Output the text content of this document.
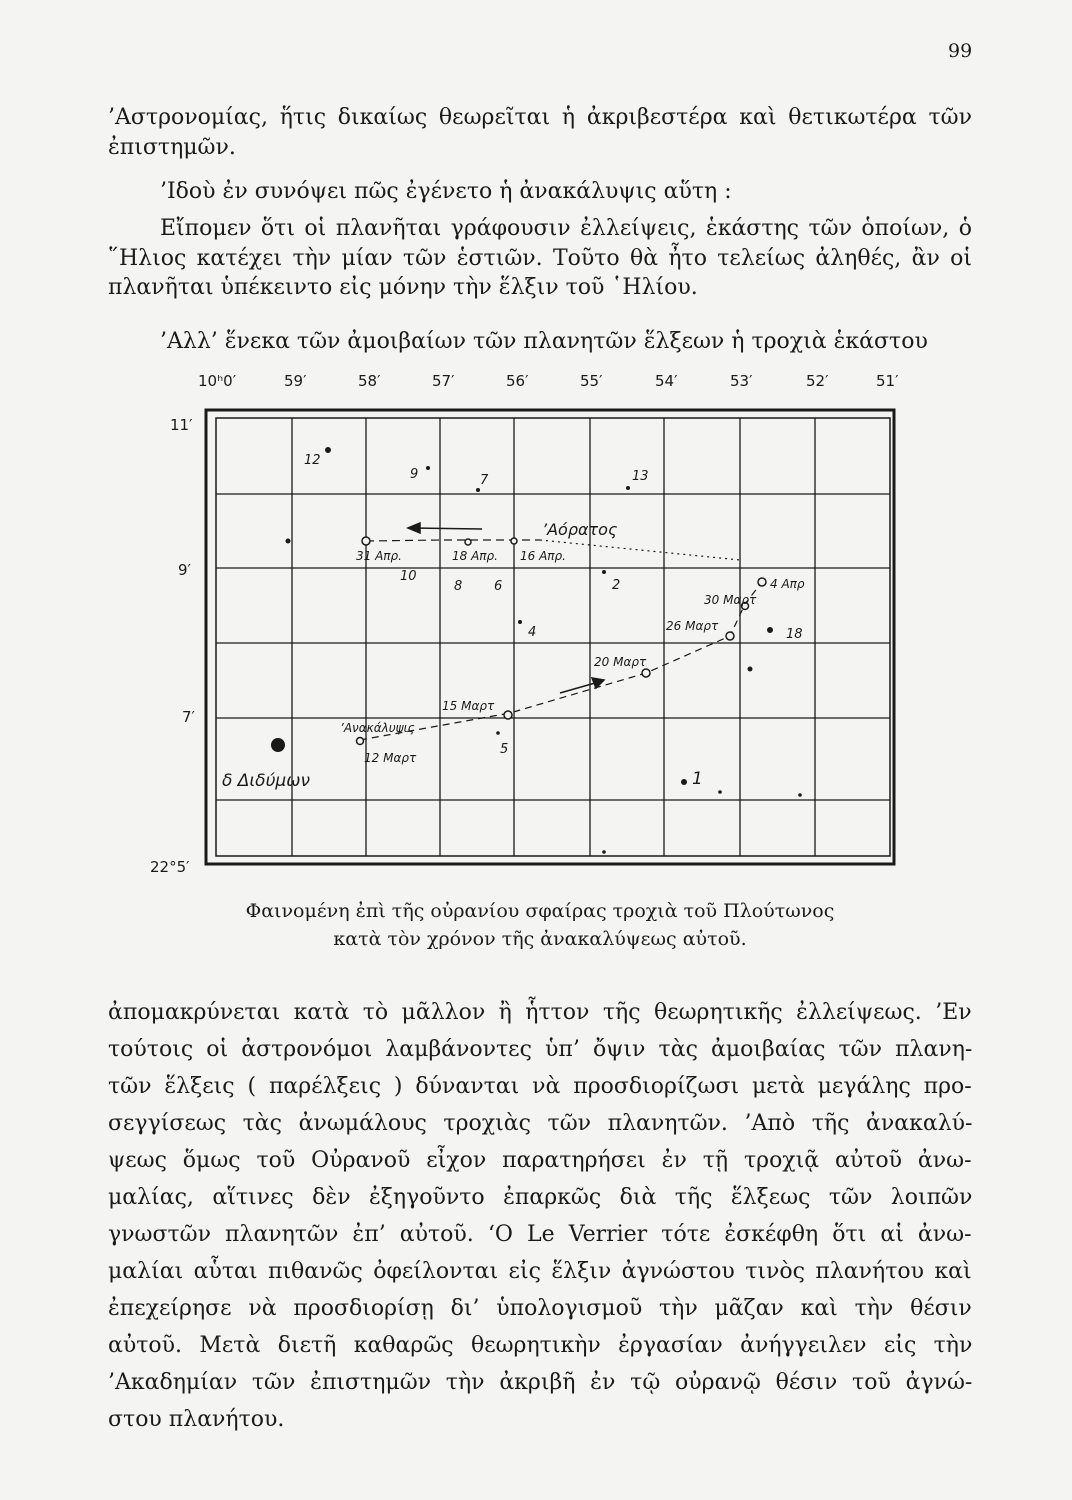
99

’Αστρονομίας, ἥτις δικαίως θεωρεῖται ἡ ἀκριβεστέρα καὶ θετικωτέρα τῶν ἐπιστημῶν.

’Ιδοὺ ἐν συνόψει πῶς ἐγένετο ἡ ἀνακάλυψις αὕτη :

Εἴπομεν ὅτι οἱ πλανῆται γράφουσιν ἐλλείψεις, ἑκάστης τῶν ὁποίων, ὁ ῞Ηλιος κατέχει τὴν μίαν τῶν ἑστιῶν. Τοῦτο θὰ ἦτο τελείως ἀληθές, ἂν οἱ πλανῆται ὑπέκειντο εἰς μόνην τὴν ἕλξιν τοῦ ῾Ηλίου.

’Αλλ’ ἕνεκα τῶν ἀμοιβαίων τῶν πλανητῶν ἕλξεων ἡ τροχιὰ ἑκάστου

10ʰ0′	59′	58′	57′	56′	55′	54′	53′	52′	51′
11′
9′
7′
22°5′
12
9	7	13
10
8 6	2
4	18
5
1
’Αόρατος
31 Απρ.	18 Απρ. 16 Απρ.
4 Απρ
30 Μαρτ
26 Μαρτ
20 Μαρτ
15 Μαρτ
12 Μαρτ
’Ανακάλυψις
δ Διδύμων

Φαινομένη ἐπὶ τῆς οὐρανίου σφαίρας τροχιὰ τοῦ Πλούτωνος

κατὰ τὸν χρόνον τῆς ἀνακαλύψεως αὐτοῦ.

ἀπομακρύνεται κατὰ τὸ μᾶλλον ἢ ἧττον τῆς θεωρητικῆς ἐλλείψεως. ’Εν

τούτοις οἱ ἀστρονόμοι λαμβάνοντες ὑπ’ ὄψιν τὰς ἀμοιβαίας τῶν πλανη-

τῶν ἕλξεις ( παρέλξεις ) δύνανται νὰ προσδιορίζωσι μετὰ μεγάλης προ-

σεγγίσεως τὰς ἀνωμάλους τροχιὰς τῶν πλανητῶν. ’Απὸ τῆς ἀνακαλύ-

ψεως ὅμως τοῦ Οὐρανοῦ εἶχον παρατηρήσει ἐν τῇ τροχιᾷ αὐτοῦ ἀνω-

μαλίας, αἵτινες δὲν ἐξηγοῦντο ἐπαρκῶς διὰ τῆς ἕλξεως τῶν λοιπῶν

γνωστῶν πλανητῶν ἐπ’ αὐτοῦ. ‘Ο Le Verrier τότε ἐσκέφθη ὅτι αἱ ἀνω-

μαλίαι αὗται πιθανῶς ὀφείλονται εἰς ἕλξιν ἀγνώστου τινὸς πλανήτου καὶ

ἐπεχείρησε νὰ προσδιορίσῃ δι’ ὑπολογισμοῦ τὴν μᾶζαν καὶ τὴν θέσιν

αὐτοῦ. Μετὰ διετῆ καθαρῶς θεωρητικὴν ἐργασίαν ἀνήγγειλεν εἰς τὴν

’Ακαδημίαν τῶν ἐπιστημῶν τὴν ἀκριβῆ ἐν τῷ οὐρανῷ θέσιν τοῦ ἀγνώ-

στου πλανήτου.
